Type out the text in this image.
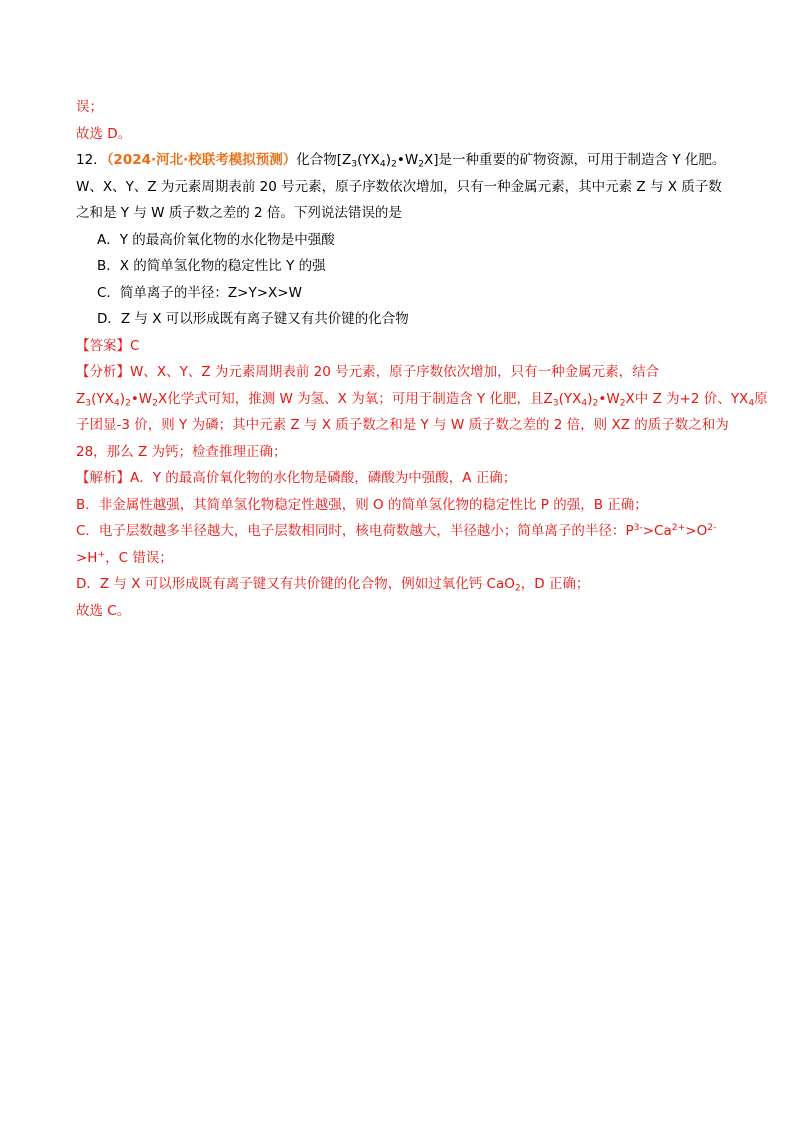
误；
故选 D。
12．（2024·河北·校联考模拟预测）化合物$[Z_3(YX_4)_2•W_2X]$是一种重要的矿物资源，可用于制造含 Y 化肥。
W、X、Y、Z 为元素周期表前 20 号元素，原子序数依次增加，只有一种金属元素，其中元素 Z 与 X 质子数
之和是 Y 与 W 质子数之差的 2 倍。下列说法错误的是
A．Y 的最高价氧化物的水化物是中强酸
B．X 的简单氢化物的稳定性比 Y 的强
C．简单离子的半径：Z>Y>X>W
D．Z 与 X 可以形成既有离子键又有共价键的化合物
【答案】C
【分析】W、X、Y、Z 为元素周期表前 20 号元素，原子序数依次增加，只有一种金属元素，结合
$Z_3(YX_4)_2•W_2X$化学式可知，推测 W 为氢、X 为氧；可用于制造含 Y 化肥，且$Z_3(YX_4)_2•W_2X$中 Z 为+2 价、$YX_4$原
子团显-3 价，则 Y 为磷；其中元素 Z 与 X 质子数之和是 Y 与 W 质子数之差的 2 倍，则 XZ 的质子数之和为
28，那么 Z 为钙；检查推理正确；
【解析】A．Y 的最高价氧化物的水化物是磷酸，磷酸为中强酸，A 正确；
B．非金属性越强，其简单氢化物稳定性越强，则 O 的简单氢化物的稳定性比 P 的强，B 正确；
C．电子层数越多半径越大，电子层数相同时，核电荷数越大，半径越小；简单离子的半径：$P^{3-}>Ca^{2+}>O^{2-}$
>H+，C 错误；
D．Z 与 X 可以形成既有离子键又有共价键的化合物，例如过氧化钙 CaO$_2$，D 正确；
故选 C。
